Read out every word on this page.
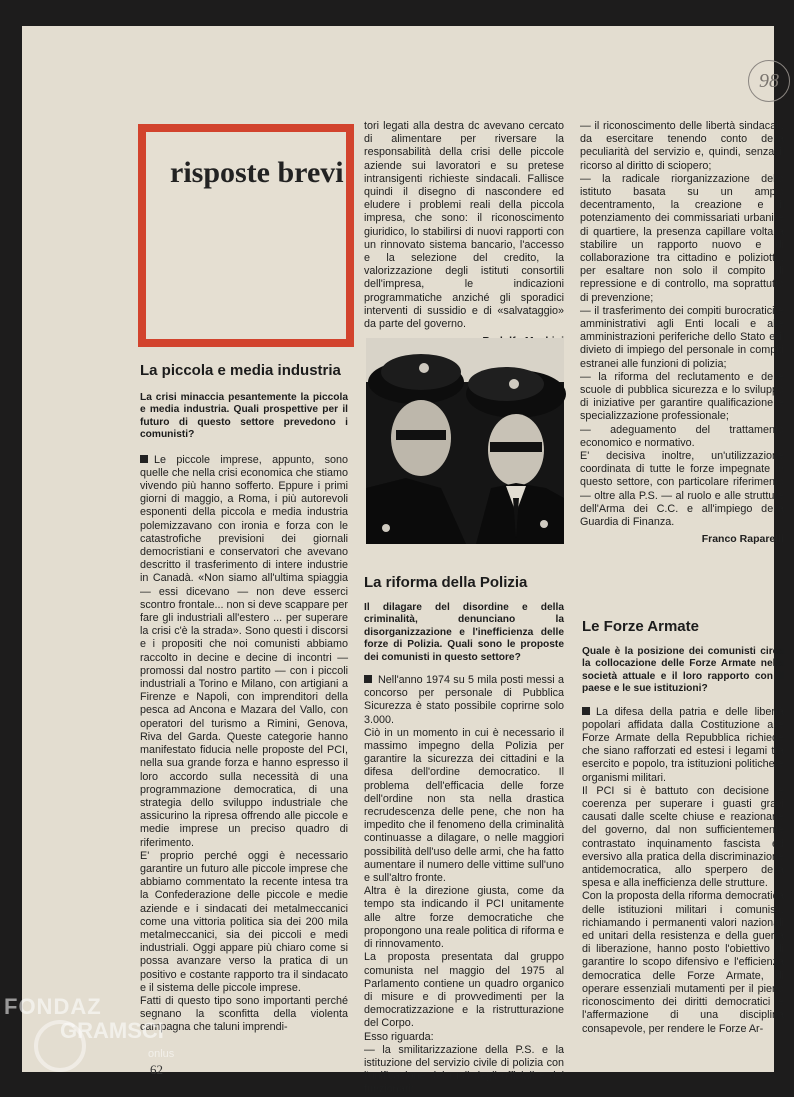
98
risposte brevi
La piccola e media industria

La crisi minaccia pesantemente la piccola e media industria. Quali prospettive per il futuro di questo settore prevedono i comunisti?

Le piccole imprese, appunto, sono quelle che nella crisi economica che stiamo vivendo più hanno sofferto. Eppure i primi giorni di maggio, a Roma, i più autorevoli esponenti della piccola e media industria polemizzavano con ironia e forza con le catastrofiche previsioni dei giornali democristiani e conservatori che avevano descritto il trasferimento di intere industrie in Canadà. «Non siamo all'ultima spiaggia — essi dicevano — non deve esserci scontro frontale... non si deve scappare per fare gli industriali all'estero ... per superare la crisi c'è la strada». Sono questi i discorsi e i propositi che noi comunisti abbiamo raccolto in decine e decine di incontri — promossi dal nostro partito — con i piccoli industriali a Torino e Milano, con artigiani a Firenze e Napoli, con imprenditori della pesca ad Ancona e Mazara del Vallo, con operatori del turismo a Rimini, Genova, Riva del Garda. Queste categorie hanno manifestato fiducia nelle proposte del PCI, nella sua grande forza e hanno espresso il loro accordo sulla necessità di una programmazione democratica, di una strategia dello sviluppo industriale che assicurino la ripresa offrendo alle piccole e medie imprese un preciso quadro di riferimento.

E' proprio perché oggi è necessario garantire un futuro alle piccole imprese che abbiamo commentato la recente intesa tra la Confederazione delle piccole e medie aziende e i sindacati dei metalmeccanici come una vittoria politica sia dei 200 mila metalmeccanici, sia dei piccoli e medi industriali. Oggi appare più chiaro come si possa avanzare verso la pratica di un positivo e costante rapporto tra il sindacato e il sistema delle piccole imprese.

Fatti di questo tipo sono importanti perché segnano la sconfitta della violenta campagna che taluni imprendi-

tori legati alla destra dc avevano cercato di alimentare per riversare la responsabilità della crisi delle piccole aziende sui lavoratori e su pretese intransigenti richieste sindacali. Fallisce quindi il disegno di nascondere ed eludere i problemi reali della piccola impresa, che sono: il riconoscimento giuridico, lo stabilirsi di nuovi rapporti con un rinnovato sistema bancario, l'accesso e la selezione del credito, la valorizzazione degli istituti consortili dell'impresa, le indicazioni programmatiche anziché gli sporadici interventi di sussidio e di «salvataggio» da parte del governo.

La riforma della Polizia

Il dilagare del disordine e della criminalità, denunciano la disorganizzazione e l'inefficienza delle forze di Polizia. Quali sono le proposte dei comunisti in questo settore?

Nell'anno 1974 su 5 mila posti messi a concorso per personale di Pubblica Sicurezza è stato possibile coprirne solo 3.000.

Ciò in un momento in cui è necessario il massimo impegno della Polizia per garantire la sicurezza dei cittadini e la difesa dell'ordine democratico. Il problema dell'efficacia delle forze dell'ordine non sta nella drastica recrudescenza delle pene, che non ha impedito che il fenomeno della criminalità continuasse a dilagare, o nelle maggiori possibilità dell'uso delle armi, che ha fatto aumentare il numero delle vittime sull'uno e sull'altro fronte.

Altra è la direzione giusta, come da tempo sta indicando il PCI unitamente alle altre forze democratiche che propongono una reale politica di riforma e di rinnovamento.

La proposta presentata dal gruppo comunista nel maggio del 1975 al Parlamento contiene un quadro organico di misure e di provvedimenti per la democratizzazione e la ristrutturazione del Corpo.

Esso riguarda:

— la smilitarizzazione della P.S. e la istituzione del servizio civile di polizia con l'unificazione dei ruoli degli ufficiali e dei funzionari;
— il riconoscimento delle libertà sindacali, da esercitare tenendo conto della peculiarità del servizio e, quindi, senza il ricorso al diritto di sciopero;
— la radicale riorganizzazione dello istituto basata su un ampio decentramento, la creazione e il potenziamento dei commissariati urbani e di quartiere, la presenza capillare volta a stabilire un rapporto nuovo e di collaborazione tra cittadino e poliziotto, per esaltare non solo il compito di repressione e di controllo, ma soprattutto di prevenzione;
— il trasferimento dei compiti burocratici e amministrativi agli Enti locali e alle amministrazioni periferiche dello Stato e il divieto di impiego del personale in compiti estranei alle funzioni di polizia;
— la riforma del reclutamento e delle scuole di pubblica sicurezza e lo sviluppo di iniziative per garantire qualificazione e specializzazione professionale;
— adeguamento del trattamento economico e normativo.

E' decisiva inoltre, un'utilizzazione coordinata di tutte le forze impegnate in questo settore, con particolare riferimento — oltre alla P.S. — al ruolo e alle strutture dell'Arma dei C.C. e all'impiego della Guardia di Finanza.

Franco Raparelli
Le Forze Armate

Quale è la posizione dei comunisti circa la collocazione delle Forze Armate nella società attuale e il loro rapporto con il paese e le sue istituzioni?

La difesa della patria e delle libertà popolari affidata dalla Costituzione alle Forze Armate della Repubblica richiede che siano rafforzati ed estesi i legami tra esercito e popolo, tra istituzioni politiche e organismi militari.

Il PCI si è battuto con decisione e coerenza per superare i guasti gravi causati dalle scelte chiuse e reazionarie del governo, dal non sufficientemente contrastato inquinamento fascista ed eversivo alla pratica della discriminazione antidemocratica, allo sperpero della spesa e alla inefficienza delle strutture.

Con la proposta della riforma democratica delle istituzioni militari i comunisti, richiamando i permanenti valori nazionali ed unitari della resistenza e della guerra di liberazione, hanno posto l'obiettivo di garantire lo scopo difensivo e l'efficienza democratica delle Forze Armate, di operare essenziali mutamenti per il pieno riconoscimento dei diritti democratici e l'affermazione di una disciplina consapevole, per rendere le Forze Ar-

62
FONDAZ
GRAMSCI
onlus
